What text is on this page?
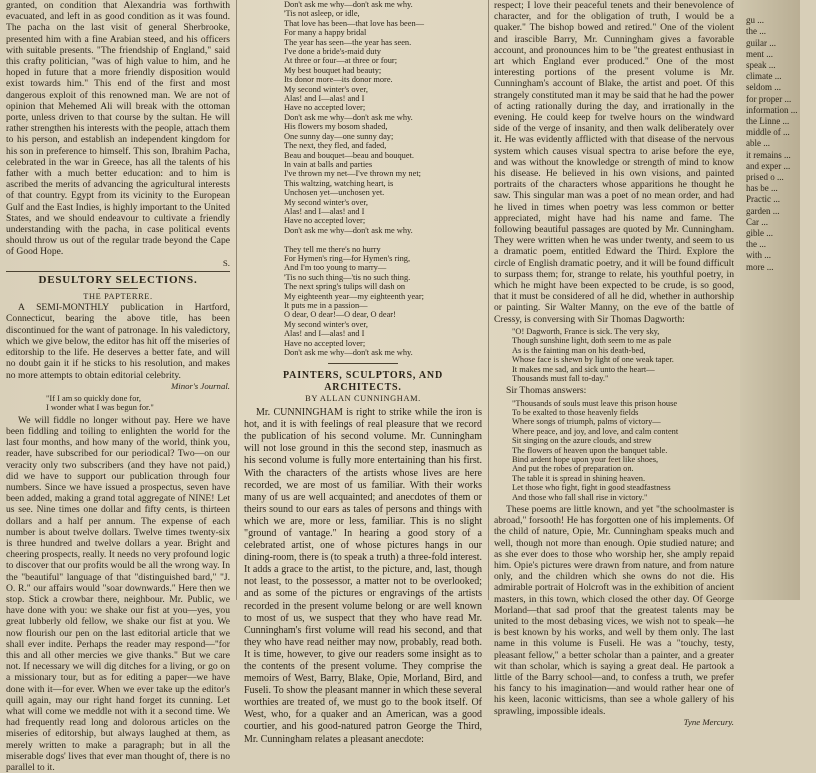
granted, on condition that Alexandria was forthwith evacuated, and left in as good condition as it was found. The pacha on the last visit of general Sherbrooke, presented him with a fine Arabian steed, and his officers with suitable presents. "The friendship of England," said this crafty politician, "was of high value to him, and he hoped in future that a more friendly disposition would exist towards him." This end of the first and most dangerous exploit of this renowned man. We are not of opinion that Mehemed Ali will break with the ottoman porte, unless driven to that course by the sultan. He will rather strengthen his interests with the people, attach them to his person, and establish an independent kingdom for his son in preference to himself. This son, Ibrahim Pacha, celebrated in the war in Greece, has all the talents of his father with a much better education: and to him is ascribed the merits of advancing the agricultural interests of that country. Egypt from its vicinity to the European Gulf and the East Indies, is highly important to the United States, and we should endeavour to cultivate a friendly understanding with the pacha, in case political events should throw us out of the regular trade beyond the Cape of Good Hope.

S.

DESULTORY SELECTIONS.

THE PAPTERRE.

A SEMI-MONTHLY publication in Hartford, Connecticut, bearing the above title, has been discontinued for the want of patronage. In his valedictory, which we give below, the editor has hit off the miseries of editorship to the life. He deserves a better fate, and will no doubt gain it if he sticks to his resolution, and makes no more attempts to obtain editorial celebrity.

Minor's Journal.

"If I am so quickly done for,
I wonder what I was begun for."

We will fiddle no longer without pay. Here we have been fiddling and toiling to enlighten the world for the last four months, and how many of the world, think you, reader, have subscribed for our periodical? Two—on our veracity only two subscribers (and they have not paid,) did we have to support our publication through four numbers. Since we have issued a prospectus, seven have been added, making a grand total aggregate of NINE! Let us see. Nine times one dollar and fifty cents, is thirteen dollars and a half per annum. The expense of each number is about twelve dollars. Twelve times twenty-six is three hundred and twelve dollars a year. Bright and cheering prospects, really. It needs no very profound logic to discover that our profits would be all the wrong way. In the "beautiful" language of that "distinguished bard," "J. O. R." our affairs would "soar downwards." Here then we stop. Stick a crowbar there, neighbour. Mr. Public, we have done with you: we shake our fist at you—yes, you great lubberly old fellow, we shake our fist at you. We now flourish our pen on the last editorial article that we shall ever indite. Perhaps the reader may respond—"for this and all other mercies we give thanks." But we care not. If necessary we will dig ditches for a living, or go on a missionary tour, but as for editing a paper—we have done with it—for ever. When we ever take up the editor's quill again, may our right hand forget its cunning. Let what will come we meddle not with it a second time. We had frequently read long and dolorous articles on the miseries of editorship, but always laughed at them, as merely written to make a paragraph; but in all the miserable dogs' lives that ever man thought of, there is no parallel to it.

Don't ask me why—don't ask me why.
'Tis not asleep, or idle,
That love has been—that love has been—
For many a happy bridal
The year has seen—the year has seen.
I've done a bride's-maid duty
At three or four—at three or four;
My best bouquet had beauty;
Its donor more—its donor more.
My second winter's over,
Alas! and I—alas! and I
Have no accepted lover;
Don't ask me why—don't ask me why.
His flowers my bosom shaded,
One sunny day—one sunny day;
The next, they fled, and faded,
Beau and bouquet—beau and bouquet.
In vain at balls and parties
I've thrown my net—I've thrown my net;
This waltzing, watching heart, is
Unchosen yet—unchosen yet.
My second winter's over,
Alas! and I—alas! and I
Have no accepted lover;
Don't ask me why—don't ask me why.

They tell me there's no hurry
For Hymen's ring—for Hymen's ring,
And I'm too young to marry—
'Tis no such thing—'tis no such thing.
The next spring's tulips will dash on
My eighteenth year—my eighteenth year;
It puts me in a passion—
O dear, O dear!—O dear, O dear!
My second winter's over,
Alas! and I—alas! and I
Have no accepted lover;
Don't ask me why—don't ask me why.

PAINTERS, SCULPTORS, AND ARCHITECTS.

BY ALLAN CUNNINGHAM.

Mr. CUNNINGHAM is right to strike while the iron is hot, and it is with feelings of real pleasure that we record the publication of his second volume. Mr. Cunningham will not lose ground in this the second step, inasmuch as his second volume is fully more entertaining than his first. With the characters of the artists whose lives are here recorded, we are most of us familiar. With their works many of us are well acquainted; and anecdotes of them or theirs sound to our ears as tales of persons and things with which we are, more or less, familiar. This is no slight "ground of vantage." In hearing a good story of a celebrated artist, one of whose pictures hangs in our dining-room, there is (to speak a truth) a three-fold interest. It adds a grace to the artist, to the picture, and, last, though not least, to the possessor, a matter not to be overlooked; and as some of the pictures or engravings of the artists recorded in the present volume belong or are well known to most of us, we suspect that they who have read Mr. Cunningham's first volume will read his second, and that they who have read neither may now, probably, read both. It is time, however, to give our readers some insight as to the contents of the present volume. They comprise the memoirs of West, Barry, Blake, Opie, Morland, Bird, and Fuseli. To show the pleasant manner in which these several worthies are treated of, we must go to the book itself. Of West, who, for a quaker and an American, was a good courtier, and his good-natured patron George the Third, Mr. Cunningham relates a pleasant anecdote:

respect; I love their peaceful tenets and their benevolence of character, and for the obligation of truth, I would be a quaker." The bishop bowed and retired." One of the violent and irascible Barry, Mr. Cunningham gives a favorable account, and pronounces him to be "the greatest enthusiast in art which England ever produced." One of the most interesting portions of the present volume is Mr. Cunningham's account of Blake, the artist and poet. Of this strangely constituted man it may be said that he had the power of acting rationally during the day, and irrationally in the evening. He could keep for twelve hours on the windward side of the verge of insanity, and then walk deliberately over it. He was evidently afflicted with that disease of the nervous system which causes visual spectra to arise before the eye, and was without the knowledge or strength of mind to know his disease. He believed in his own visions, and painted portraits of the characters whose apparitions he thought he saw. This singular man was a poet of no mean order, and had he lived in times when poetry was less common or better appreciated, might have had his name and fame. The following beautiful passages are quoted by Mr. Cunningham. They were written when he was under twenty, and seem to us a dramatic poem, entitled Edward the Third. Explore the circle of English dramatic poetry, and it will be found difficult to surpass them; for, strange to relate, his youthful poetry, in which he might have been expected to be crude, is so good, that it must be considered of all he did, whether in authorship or painting. Sir Walter Manny, on the eve of the battle of Cressy, is conversing with Sir Thomas Dagworth:

"O! Dagworth, France is sick. The very sky,
Though sunshine light, doth seem to me as pale
As is the fainting man on his death-bed,
Whose face is shewn by light of one weak taper.
It makes me sad, and sick unto the heart—
Thousands must fall to-day."

Sir Thomas answers:

"Thousands of souls must leave this prison house
To be exalted to those heavenly fields
Where songs of triumph, palms of victory—
Where peace, and joy, and love, and calm content
Sit singing on the azure clouds, and strew
The flowers of heaven upon the banquet table.
Bind ardent hope upon your feet like shoes,
And put the robes of preparation on.
The table it is spread in shining heaven.
Let those who fight, fight in good steadfastness
And those who fall shall rise in victory."

These poems are little known, and yet "the schoolmaster is abroad," forsooth! He has forgotten one of his implements. Of the child of nature, Opie, Mr. Cunningham speaks much and well, though not more than enough. Opie studied nature; and as she ever does to those who worship her, she amply repaid him. Opie's pictures were drawn from nature, and from nature only, and the children which she owns do not die. His admirable portrait of Holcroft was in the exhibition of ancient masters, in this town, which closed the other day. Of George Morland—that sad proof that the greatest talents may be united to the most debasing vices, we wish not to speak—he is best known by his works, and well by them only. The last name in this volume is Fuseli. He was a "touchy, testy, pleasant fellow," a better scholar than a painter, and a greater wit than scholar, which is saying a great deal. He partook a little of the Barry school—and, to confess a truth, we prefer his fancy to his imagination—and would rather hear one of his keen, laconic witticisms, than see a whole gallery of his sprawling, impossible ideals.

Tyne Mercury.

gu ...
the ...
guilar ...
ment ...
speak ...
climate ...
seldom ...
for proper ...
information ...
the Linne ...
middle of ...
able ...
it remains ...
and exper ...
prised o ...
has be ...
Practic ...
garden ...
Car ...
gible ...
the ...
with ...
more ...
